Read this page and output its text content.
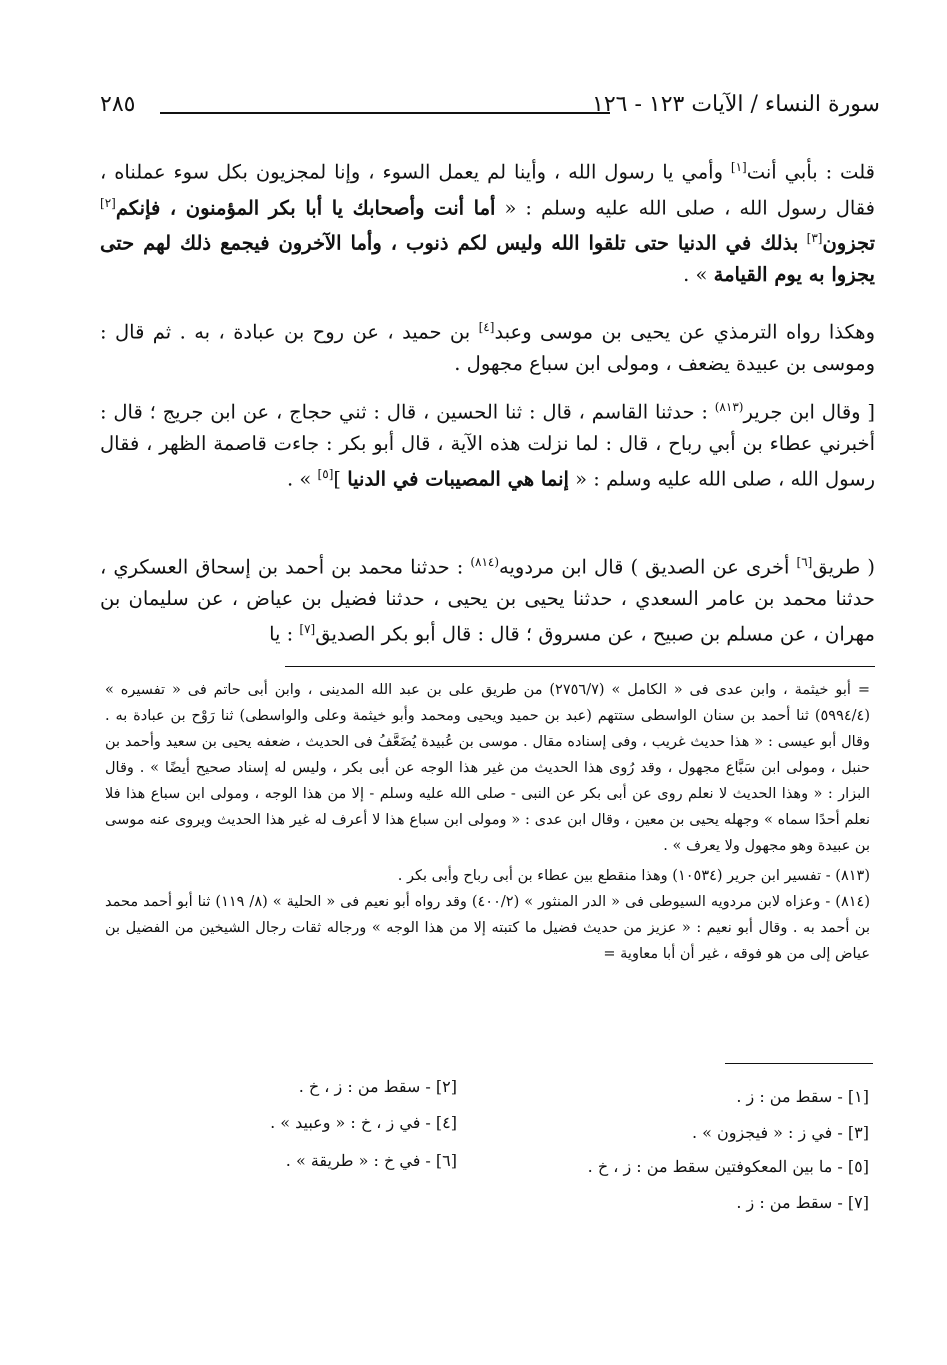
٢٨٥	سورة النساء / الآيات ١٢٣ - ١٢٦

قلت : بأبي أنت[١] وأمي يا رسول الله ، وأينا لم يعمل السوء ، وإنا لمجزيون بكل سوء عملناه ، فقال رسول الله ، صلى الله عليه وسلم : « أما أنت وأصحابك يا أبا بكر المؤمنون ، فإنكم[٢] تجزون[٣] بذلك في الدنيا حتى تلقوا الله وليس لكم ذنوب ، وأما الآخرون فيجمع ذلك لهم حتى يجزوا به يوم القيامة » .

وهكذا رواه الترمذي عن يحيى بن موسى وعبد[٤] بن حميد ، عن روح بن عبادة ، به . ثم قال : وموسى بن عبيدة يضعف ، ومولى ابن سباع مجهول .

[ وقال ابن جرير$^{(٨١٣)}$ : حدثنا القاسم ، قال : ثنا الحسين ، قال : ثني حجاج ، عن ابن جريج ؛ قال : أخبرني عطاء بن أبي رباح ، قال : لما نزلت هذه الآية ، قال أبو بكر : جاءت قاصمة الظهر ، فقال رسول الله ، صلى الله عليه وسلم : « إنما هي المصيبات في الدنيا ][٥] » .

( طريق[٦] أخرى عن الصديق ) قال ابن مردويه$^{(٨١٤)}$ : حدثنا محمد بن أحمد بن إسحاق العسكري ، حدثنا محمد بن عامر السعدي ، حدثنا يحيى بن يحيى ، حدثنا فضيل بن عياض ، عن سليمان بن مهران ، عن مسلم بن صبيح ، عن مسروق ؛ قال : قال أبو بكر الصديق[٧] : يا

= أبو خيثمة ، وابن عدى فى « الكامل » (٢٧٥٦/٧) من طريق على بن عبد الله المدينى ، وابن أبى حاتم فى « تفسيره » (٥٩٩٤/٤) ثنا أحمد بن سنان الواسطى ستتهم (عبد بن حميد ويحيى ومحمد وأبو خيثمة وعلى والواسطى) ثنا رَوْح بن عبادة به . وقال أبو عيسى : « هذا حديث غريب ، وفى إسناده مقال . موسى بن عُبيدة يُضَعَّفُ فى الحديث ، ضعفه يحيى بن سعيد وأحمد بن حنبل ، ومولى ابن سَبَّاع مجهول ، وقد رُوى هذا الحديث من غير هذا الوجه عن أبى بكر ، وليس له إسناد صحيح أيضًا » . وقال البزار : « وهذا الحديث لا نعلم روى عن أبى بكر عن النبى - صلى الله عليه وسلم - إلا من هذا الوجه ، ومولى ابن سباع هذا فلا نعلم أحدًا سماه » وجهله يحيى بن معين ، وقال ابن عدى : « ومولى ابن سباع هذا لا أعرف له غير هذا الحديث ويروى عنه موسى بن عبيدة وهو مجهول ولا يعرف » .

(٨١٣) - تفسير ابن جرير (١٠٥٣٤) وهذا منقطع بين عطاء بن أبى رباح وأبى بكر .

(٨١٤) - وعزاه لابن مردويه السيوطى فى « الدر المنثور » (٤٠٠/٢) وقد رواه أبو نعيم فى « الحلية » (٨/ ١١٩) ثنا أبو أحمد محمد بن أحمد به . وقال أبو نعيم : « عزيز من حديث فضيل ما كتبته إلا من هذا الوجه » ورجاله ثقات رجال الشيخين من الفضيل بن عياض إلى من هو فوقه ، غير أن أبا معاوية =

[١] - سقط من : ز .
[٢] - سقط من : ز ، خ .
[٣] - في ز : « فيجزون » .
[٤] - في ز ، خ : « وعبيد » .
[٥] - ما بين المعكوفتين سقط من : ز ، خ .
[٦] - في خ : « طريقة » .
[٧] - سقط من : ز .
